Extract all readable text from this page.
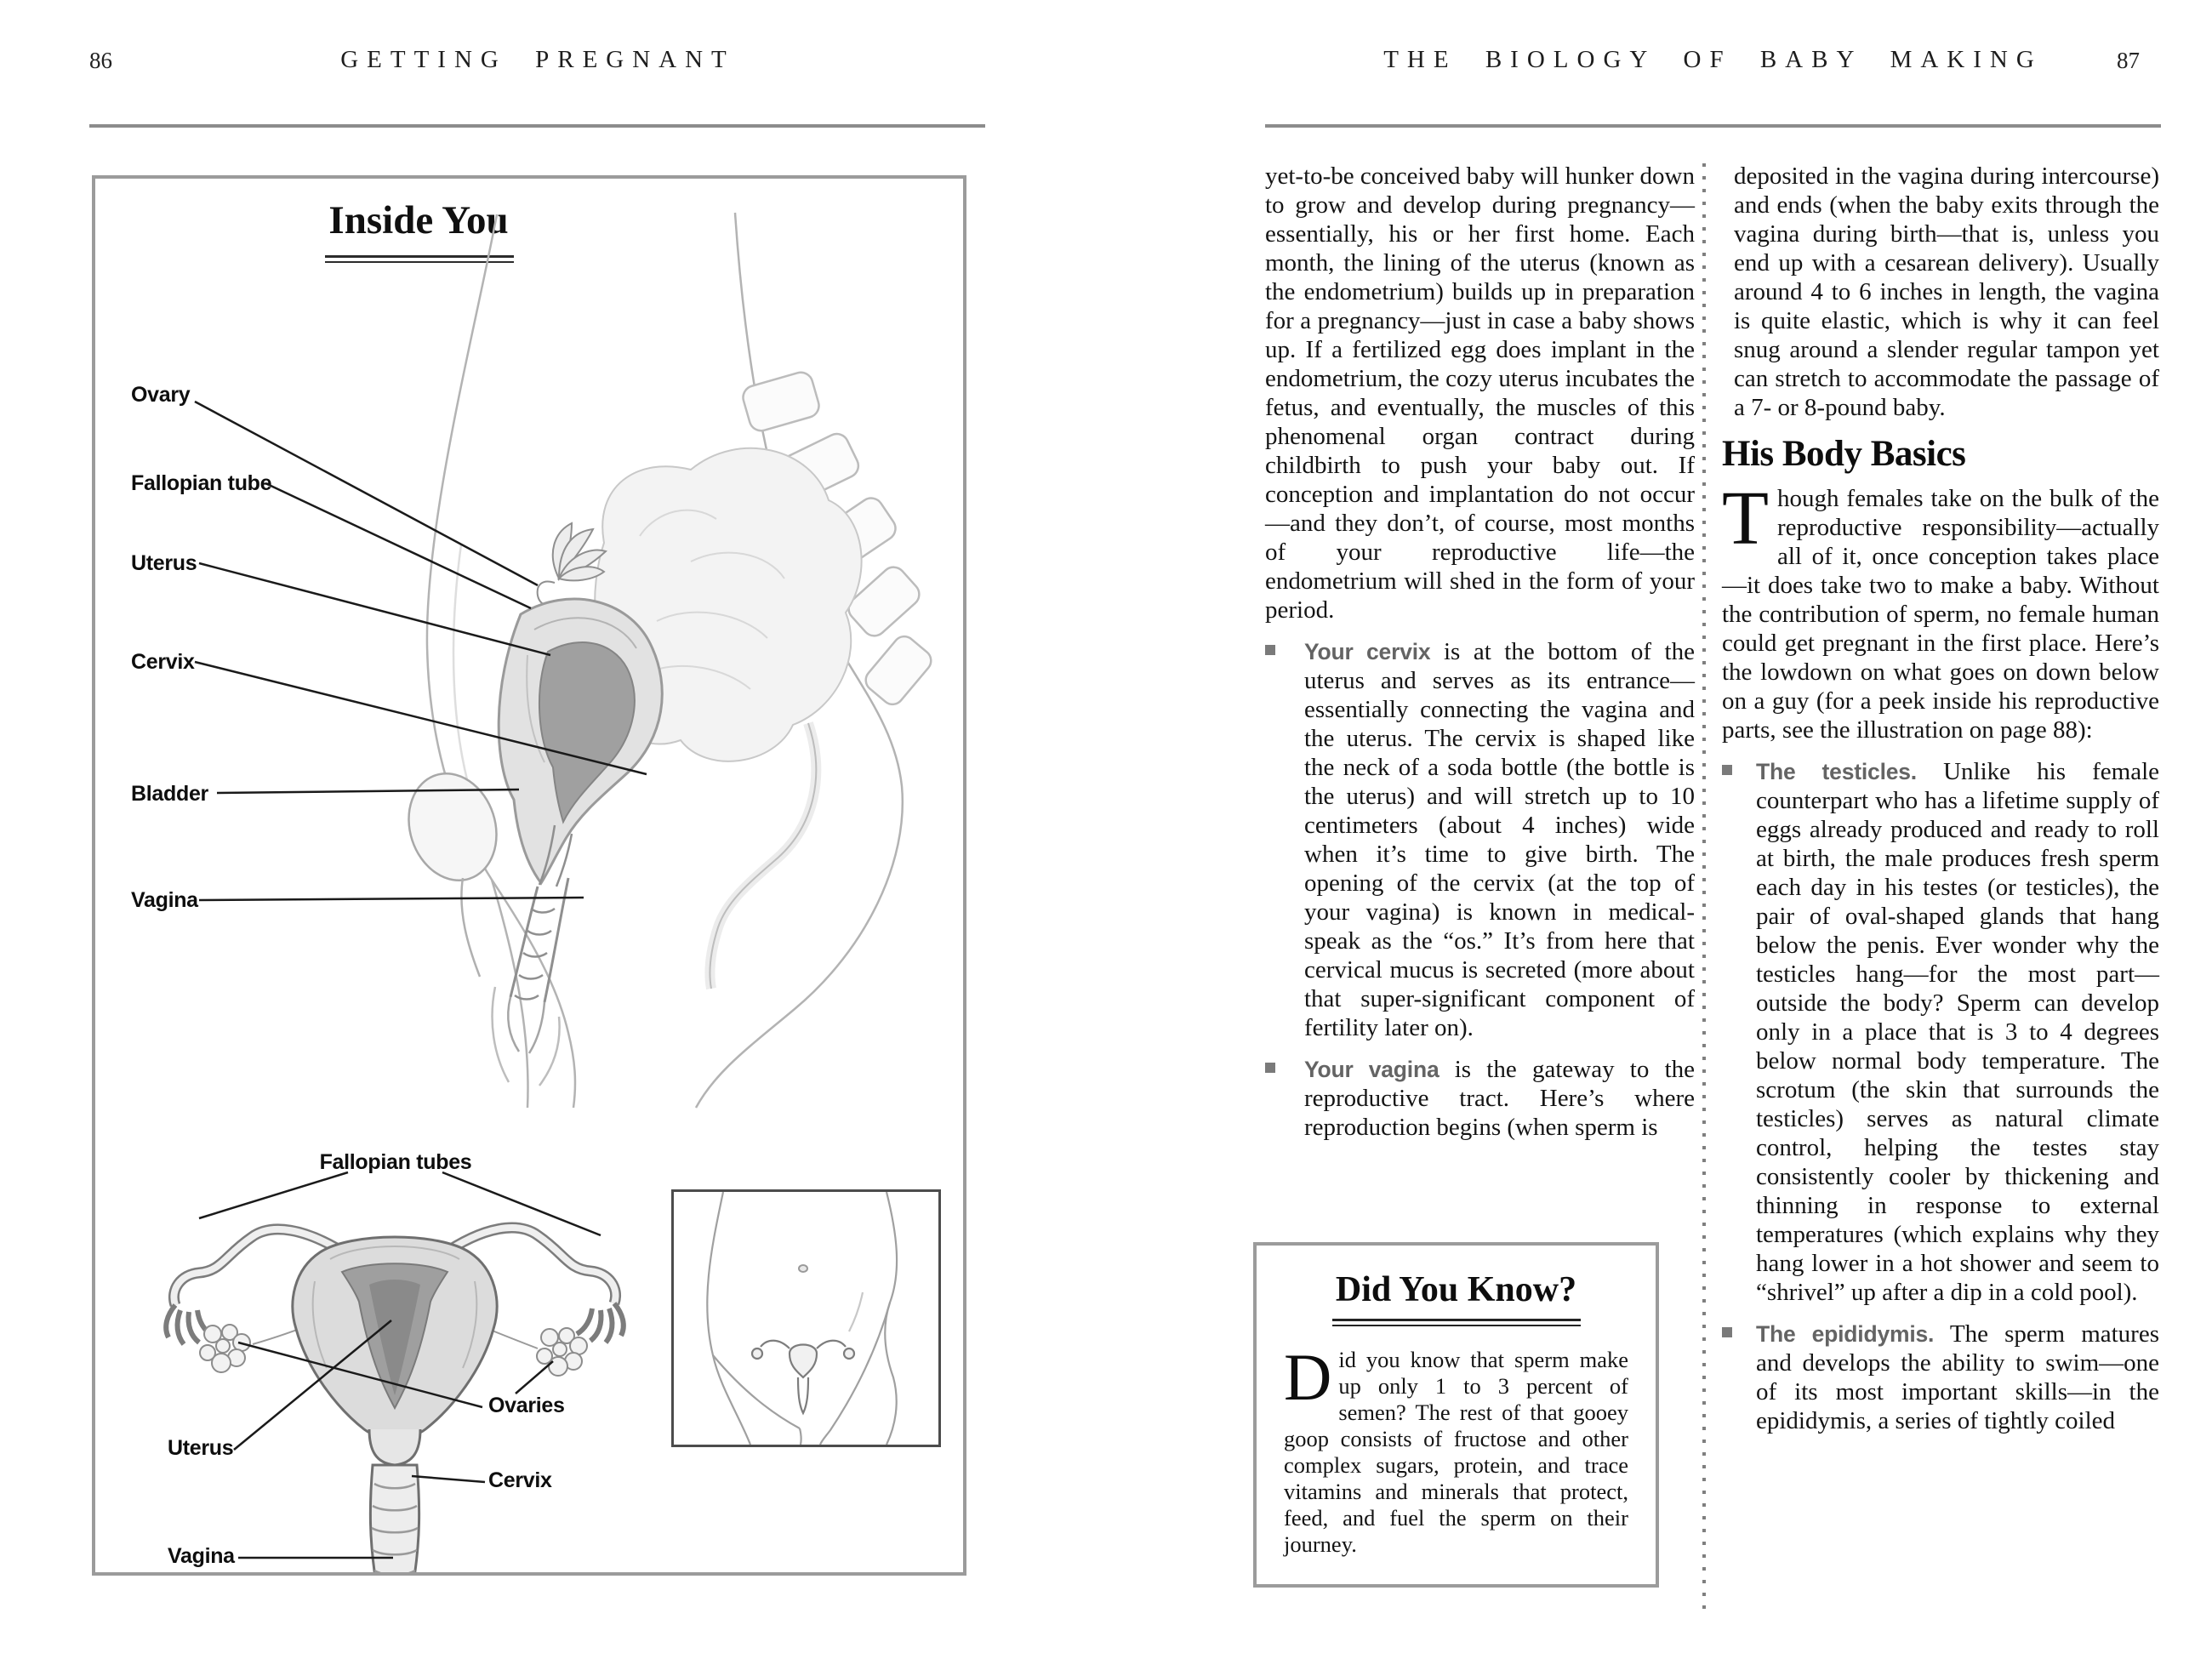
86	GETTING PREGNANT
Inside You
Ovary
Fallopian tube
Uterus
Cervix
Bladder
Vagina
Fallopian tubes
Ovaries
Uterus
Cervix
Vagina
THE BIOLOGY OF BABY MAKING	87

yet-to-be conceived baby will hunker down to grow and develop during pregnancy—essentially, his or her first home. Each month, the lining of the uterus (known as the endometrium) builds up in preparation for a pregnancy—just in case a baby shows up. If a fertilized egg does implant in the endometrium, the cozy uterus incubates the fetus, and eventually, the muscles of this phenomenal organ contract during childbirth to push your baby out. If conception and implantation do not occur—and they don’t, of course, most months of your reproductive life—the endometrium will shed in the form of your period.

Your cervix is at the bottom of the uterus and serves as its entrance—essentially connecting the vagina and the uterus. The cervix is shaped like the neck of a soda bottle (the bottle is the uterus) and will stretch up to 10 centimeters (about 4 inches) wide when it’s time to give birth. The opening of the cervix (at the top of your vagina) is known in medical-speak as the “os.” It’s from here that cervical mucus is secreted (more about that super-significant component of fertility later on).

Your vagina is the gateway to the reproductive tract. Here’s where reproduction begins (when sperm is

Did You Know?
Did you know that sperm make up only 1 to 3 percent of semen? The rest of that gooey goop consists of fructose and other complex sugars, protein, and trace vitamins and minerals that protect, feed, and fuel the sperm on their journey.

deposited in the vagina during intercourse) and ends (when the baby exits through the vagina during birth—that is, unless you end up with a cesarean delivery). Usually around 4 to 6 inches in length, the vagina is quite elastic, which is why it can feel snug around a slender regular tampon yet can stretch to accommodate the passage of a 7- or 8-pound baby.

His Body Basics

Though females take on the bulk of the reproductive responsibility—actually all of it, once conception takes place—it does take two to make a baby. Without the contribution of sperm, no female human could get pregnant in the first place. Here’s the lowdown on what goes on down below on a guy (for a peek inside his reproductive parts, see the illustration on page 88):

The testicles. Unlike his female counterpart who has a lifetime supply of eggs already produced and ready to roll at birth, the male produces fresh sperm each day in his testes (or testicles), the pair of oval-shaped glands that hang below the penis. Ever wonder why the testicles hang—for the most part—outside the body? Sperm can develop only in a place that is 3 to 4 degrees below normal body temperature. The scrotum (the skin that surrounds the testicles) serves as natural climate control, helping the testes stay consistently cooler by thickening and thinning in response to external temperatures (which explains why they hang lower in a hot shower and seem to “shrivel” up after a dip in a cold pool).

The epididymis. The sperm matures and develops the ability to swim—one of its most important skills—in the epididymis, a series of tightly coiled
